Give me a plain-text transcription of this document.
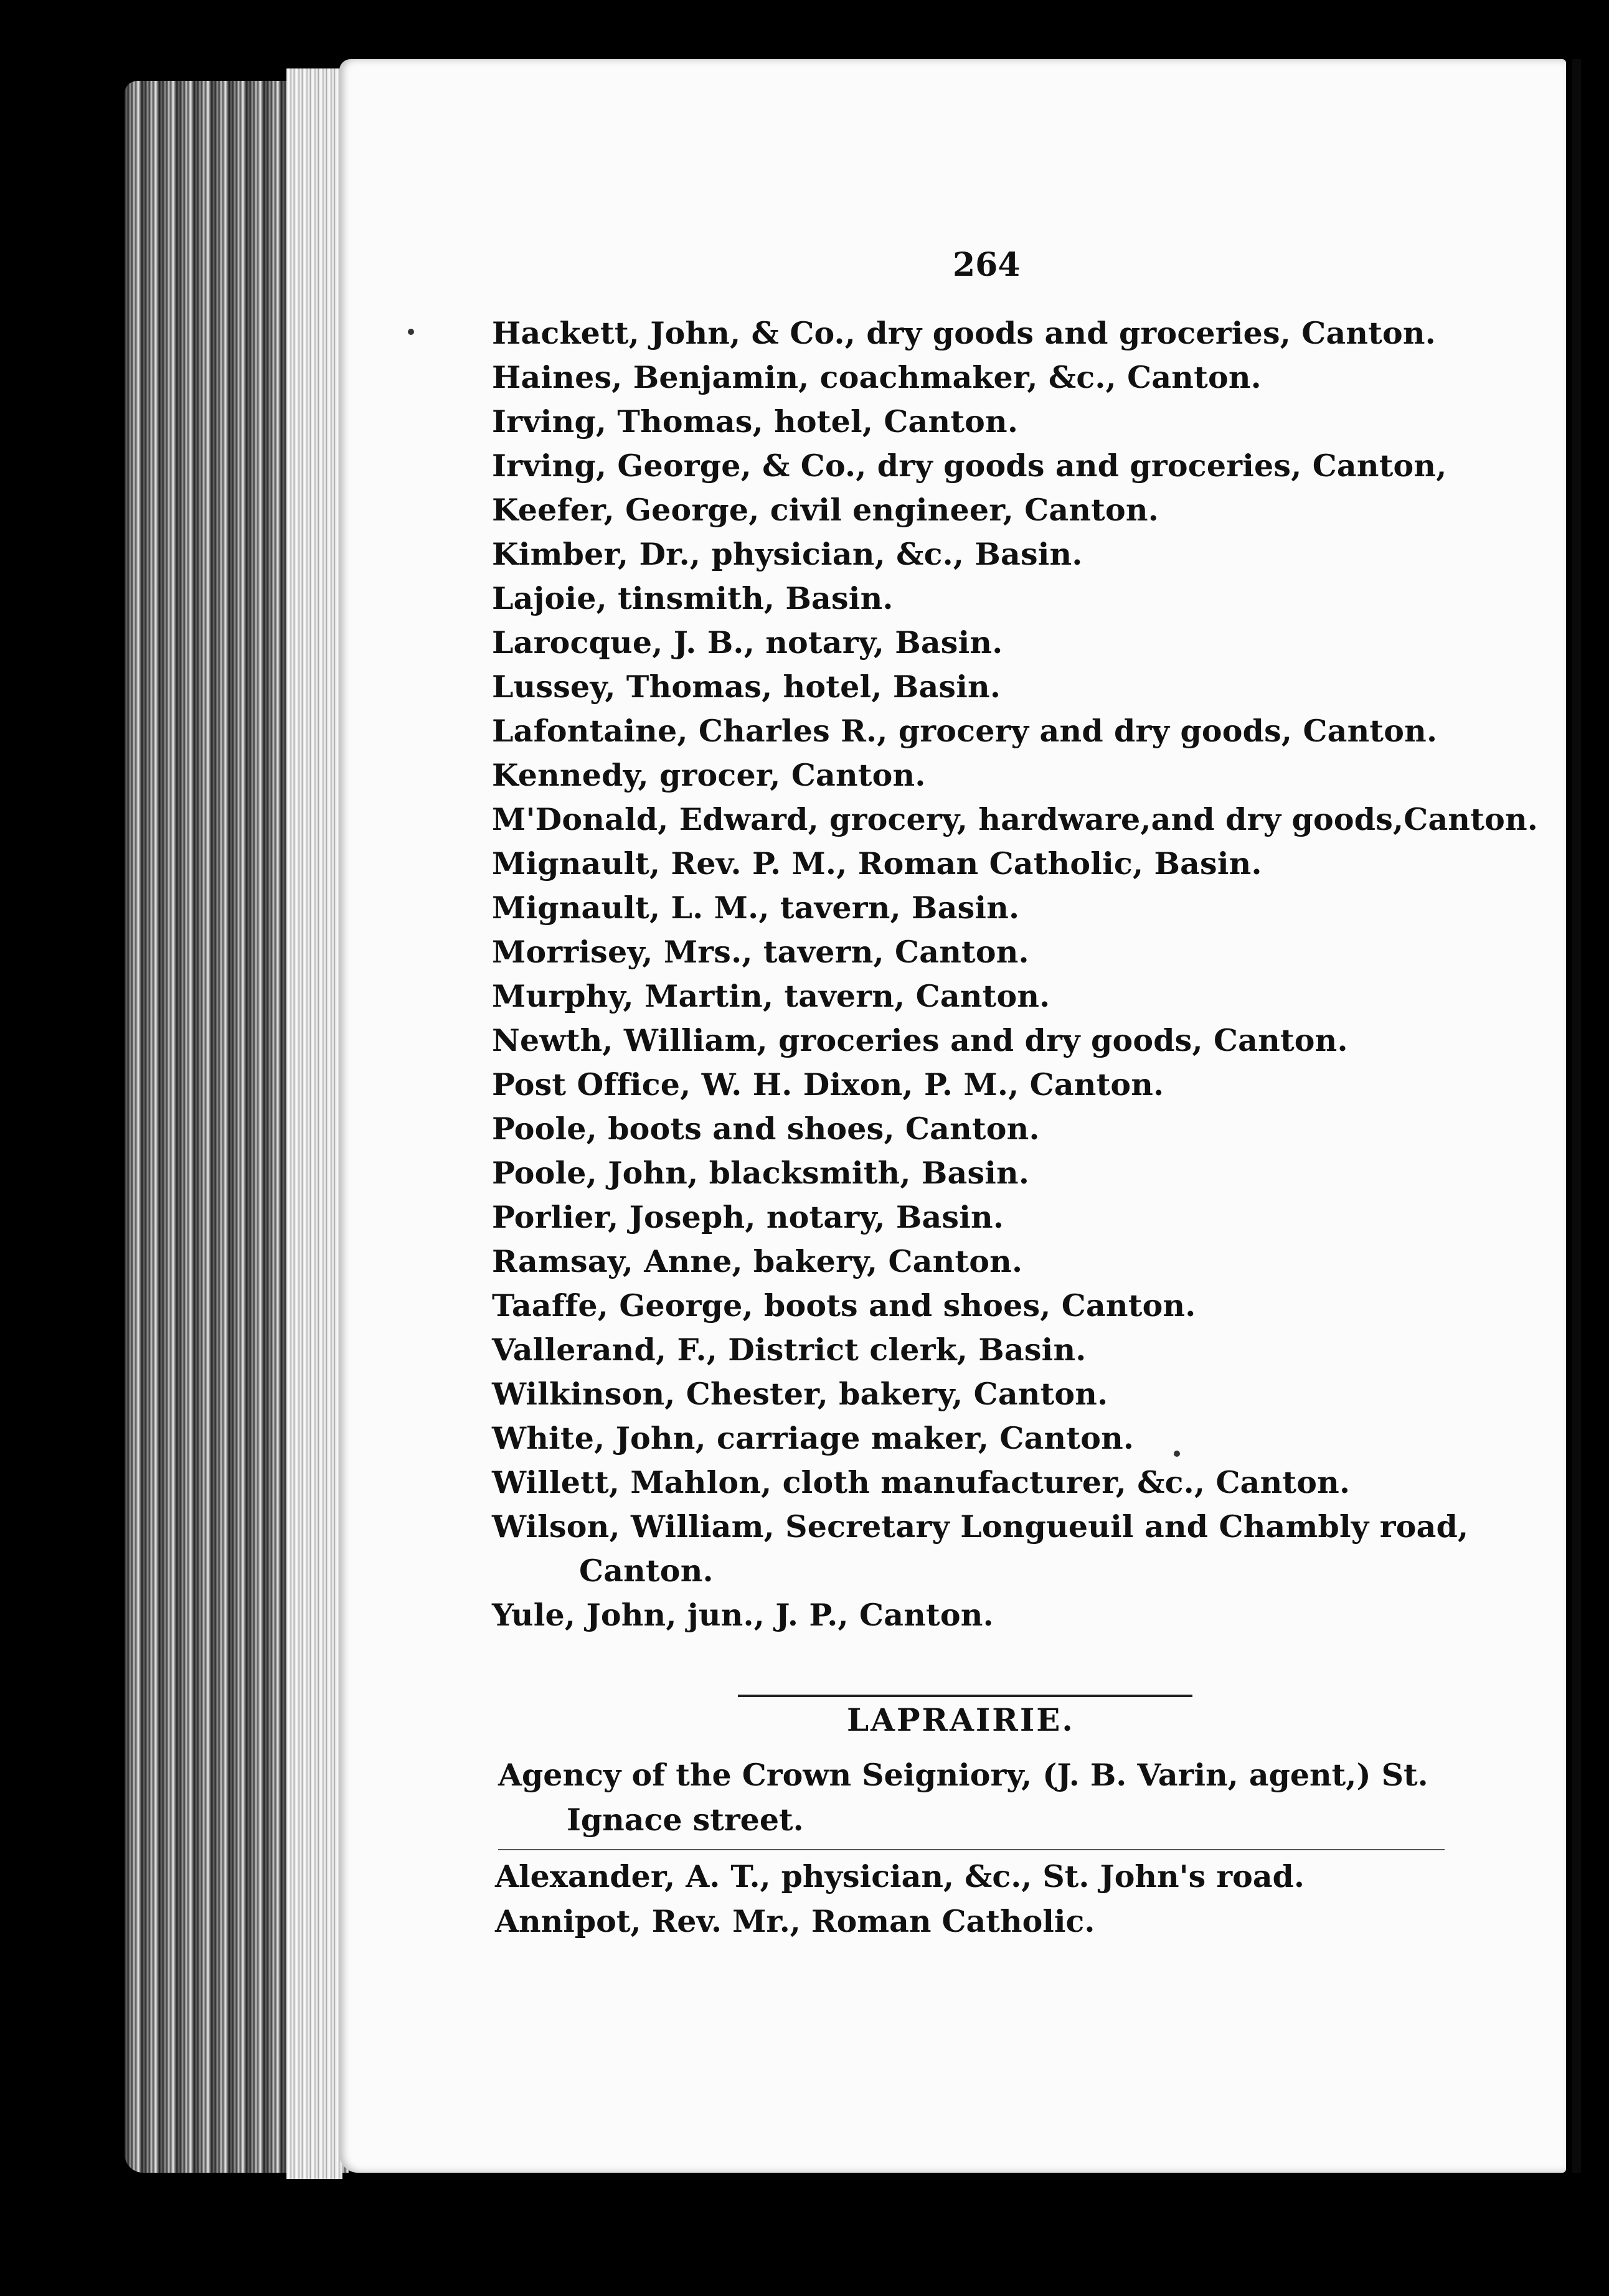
264
Hackett, John, & Co., dry goods and groceries, Canton.
Haines, Benjamin, coachmaker, &c., Canton.
Irving, Thomas, hotel, Canton.
Irving, George, & Co., dry goods and groceries, Canton,
Keefer, George, civil engineer, Canton.
Kimber, Dr., physician, &c., Basin.
Lajoie, tinsmith, Basin.
Larocque, J. B., notary, Basin.
Lussey, Thomas, hotel, Basin.
Lafontaine, Charles R., grocery and dry goods, Canton.
Kennedy, grocer, Canton.
M'Donald, Edward, grocery, hardware,and dry goods,Canton.
Mignault, Rev. P. M., Roman Catholic, Basin.
Mignault, L. M., tavern, Basin.
Morrisey, Mrs., tavern, Canton.
Murphy, Martin, tavern, Canton.
Newth, William, groceries and dry goods, Canton.
Post Office, W. H. Dixon, P. M., Canton.
Poole, boots and shoes, Canton.
Poole, John, blacksmith, Basin.
Porlier, Joseph, notary, Basin.
Ramsay, Anne, bakery, Canton.
Taaffe, George, boots and shoes, Canton.
Vallerand, F., District clerk, Basin.
Wilkinson, Chester, bakery, Canton.
White, John, carriage maker, Canton.
Willett, Mahlon, cloth manufacturer, &c., Canton.
Wilson, William, Secretary Longueuil and Chambly road,
Canton.
Yule, John, jun., J. P., Canton.
LAPRAIRIE.
Agency of the Crown Seigniory, (J. B. Varin, agent,) St.
Ignace street.
Alexander, A. T., physician, &c., St. John's road.
Annipot, Rev. Mr., Roman Catholic.
